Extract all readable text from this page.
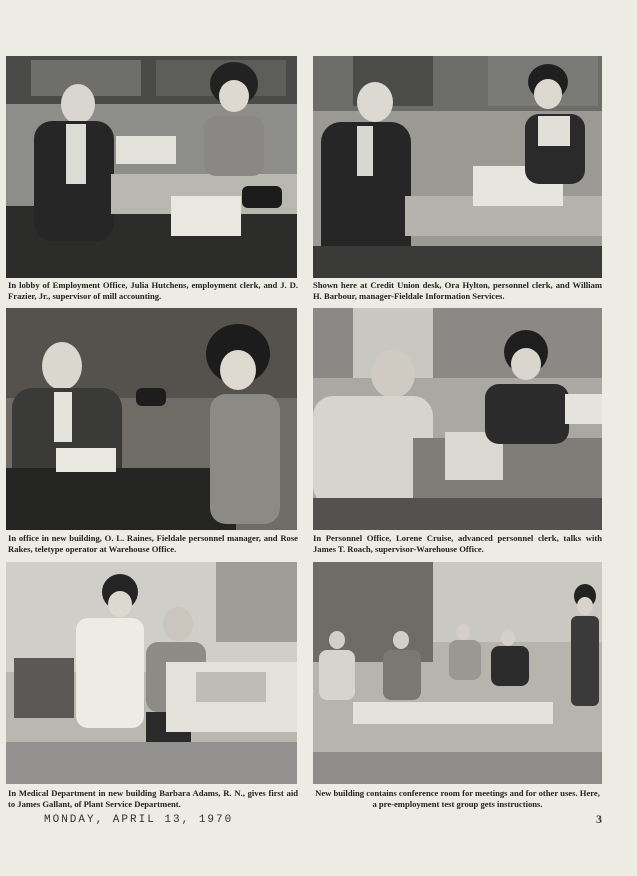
In lobby of Employment Office, Julia Hutchens, employment clerk, and J. D. Frazier, Jr., supervisor of mill accounting.
Shown here at Credit Union desk, Ora Hylton, personnel clerk, and William H. Barbour, manager-Fieldale Information Services.
In office in new building, O. L. Raines, Fieldale personnel manager, and Rose Rakes, teletype operator at Warehouse Office.
In Personnel Office, Lorene Cruise, advanced personnel clerk, talks with James T. Roach, supervisor-Warehouse Office.
In Medical Department in new building Barbara Adams, R. N., gives first aid to James Gallant, of Plant Service Department.
New building contains conference room for meetings and for other uses. Here, a pre-employment test group gets instructions.
MONDAY, APRIL 13, 1970	3
